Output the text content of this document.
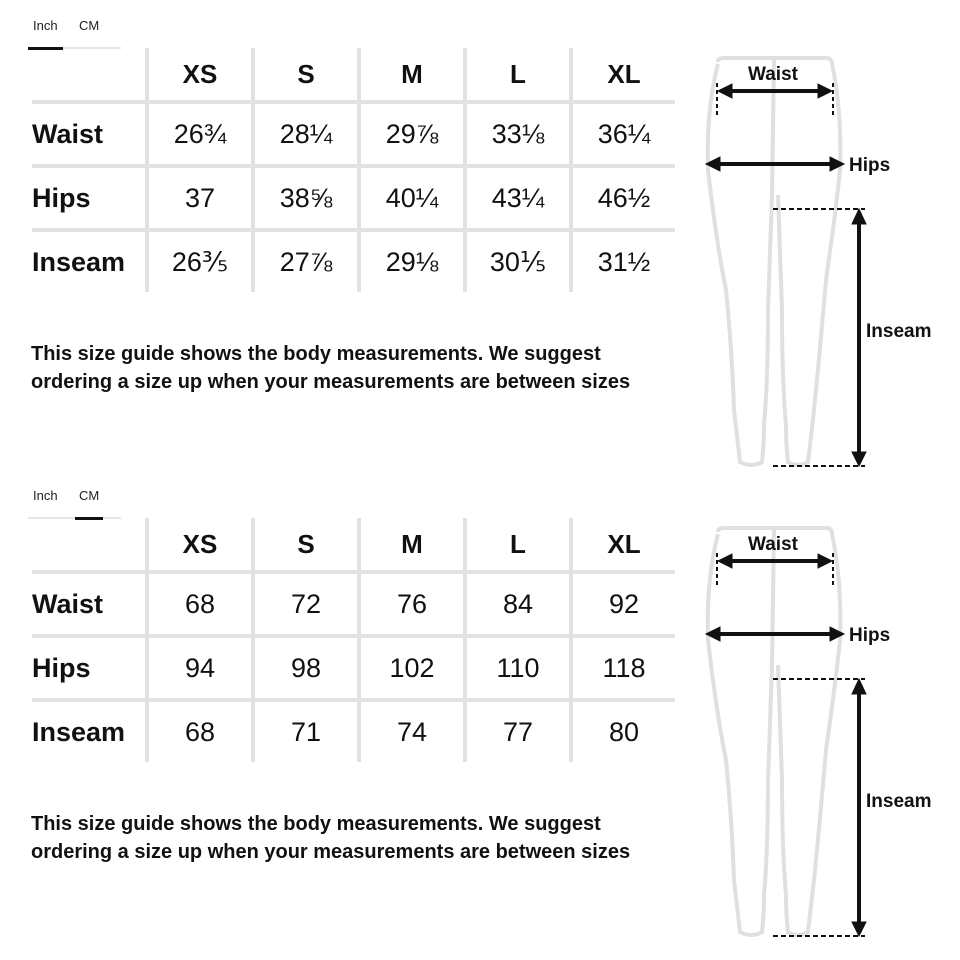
Inch	CM
	XS	S	M	L	XL
Waist	26¾	28¼	29⅞	33⅛	36¼
Hips	37	38⅝	40¼	43¼	46½
Inseam	26⅗	27⅞	29⅛	30⅕	31½
This size guide shows the body measurements. We suggest
ordering a size up when your measurements are between sizes
Waist
Hips
Inseam
Inch	CM
	XS	S	M	L	XL
Waist	68	72	76	84	92
Hips	94	98	102	110	118
Inseam	68	71	74	77	80
This size guide shows the body measurements. We suggest
ordering a size up when your measurements are between sizes
Waist
Hips
Inseam
